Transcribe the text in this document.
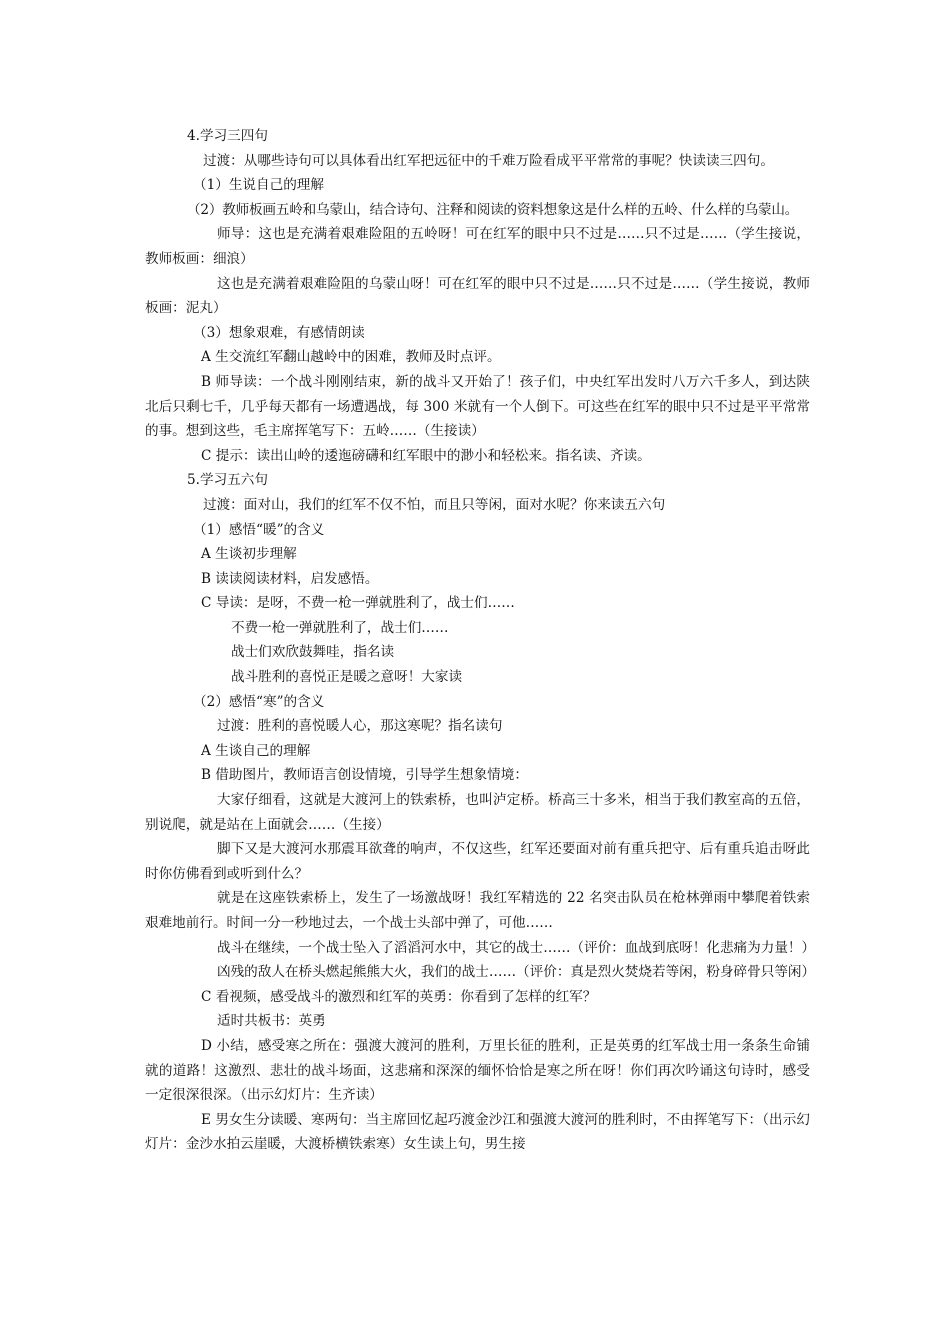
4.学习三四句

过渡：从哪些诗句可以具体看出红军把远征中的千难万险看成平平常常的事呢？快读读三四句。

（1）生说自己的理解

（2）教师板画五岭和乌蒙山，结合诗句、注释和阅读的资料想象这是什么样的五岭、什么样的乌蒙山。

师导：这也是充满着艰难险阻的五岭呀！可在红军的眼中只不过是……只不过是……（学生接说，教师板画：细浪）

这也是充满着艰难险阻的乌蒙山呀！可在红军的眼中只不过是……只不过是……（学生接说，教师板画：泥丸）

（3）想象艰难，有感情朗读

A 生交流红军翻山越岭中的困难，教师及时点评。

B 师导读：一个战斗刚刚结束，新的战斗又开始了！孩子们，中央红军出发时八万六千多人，到达陕北后只剩七千，几乎每天都有一场遭遇战，每 300 米就有一个人倒下。可这些在红军的眼中只不过是平平常常的事。想到这些，毛主席挥笔写下：五岭……（生接读）

C 提示：读出山岭的逶迤磅礴和红军眼中的渺小和轻松来。指名读、齐读。

5.学习五六句

过渡：面对山，我们的红军不仅不怕，而且只等闲，面对水呢？你来读五六句

（1）感悟“暖”的含义

A 生谈初步理解

B 读读阅读材料，启发感悟。

C 导读：是呀，不费一枪一弹就胜利了，战士们……

不费一枪一弹就胜利了，战士们……

战士们欢欣鼓舞哇，指名读

战斗胜利的喜悦正是暖之意呀！大家读

（2）感悟“寒”的含义

过渡：胜利的喜悦暖人心，那这寒呢？指名读句

A 生谈自己的理解

B 借助图片，教师语言创设情境，引导学生想象情境：

大家仔细看，这就是大渡河上的铁索桥，也叫泸定桥。桥高三十多米，相当于我们教室高的五倍，别说爬，就是站在上面就会……（生接）

脚下又是大渡河水那震耳欲聋的响声，不仅这些，红军还要面对前有重兵把守、后有重兵追击呀此时你仿佛看到或听到什么？

就是在这座铁索桥上，发生了一场激战呀！我红军精选的 22 名突击队员在枪林弹雨中攀爬着铁索艰难地前行。时间一分一秒地过去，一个战士头部中弹了，可他……

战斗在继续，一个战士坠入了滔滔河水中，其它的战士……（评价：血战到底呀！化悲痛为力量！）

凶残的敌人在桥头燃起熊熊大火，我们的战士……（评价：真是烈火焚烧若等闲，粉身碎骨只等闲）

C 看视频，感受战斗的激烈和红军的英勇：你看到了怎样的红军？

适时共板书：英勇

D 小结，感受寒之所在：强渡大渡河的胜利，万里长征的胜利，正是英勇的红军战士用一条条生命铺就的道路！这激烈、悲壮的战斗场面，这悲痛和深深的缅怀恰恰是寒之所在呀！你们再次吟诵这句诗时，感受一定很深很深。（出示幻灯片：生齐读）

E 男女生分读暖、寒两句：当主席回忆起巧渡金沙江和强渡大渡河的胜利时，不由挥笔写下：（出示幻灯片：金沙水拍云崖暖，大渡桥横铁索寒）女生读上句，男生接
